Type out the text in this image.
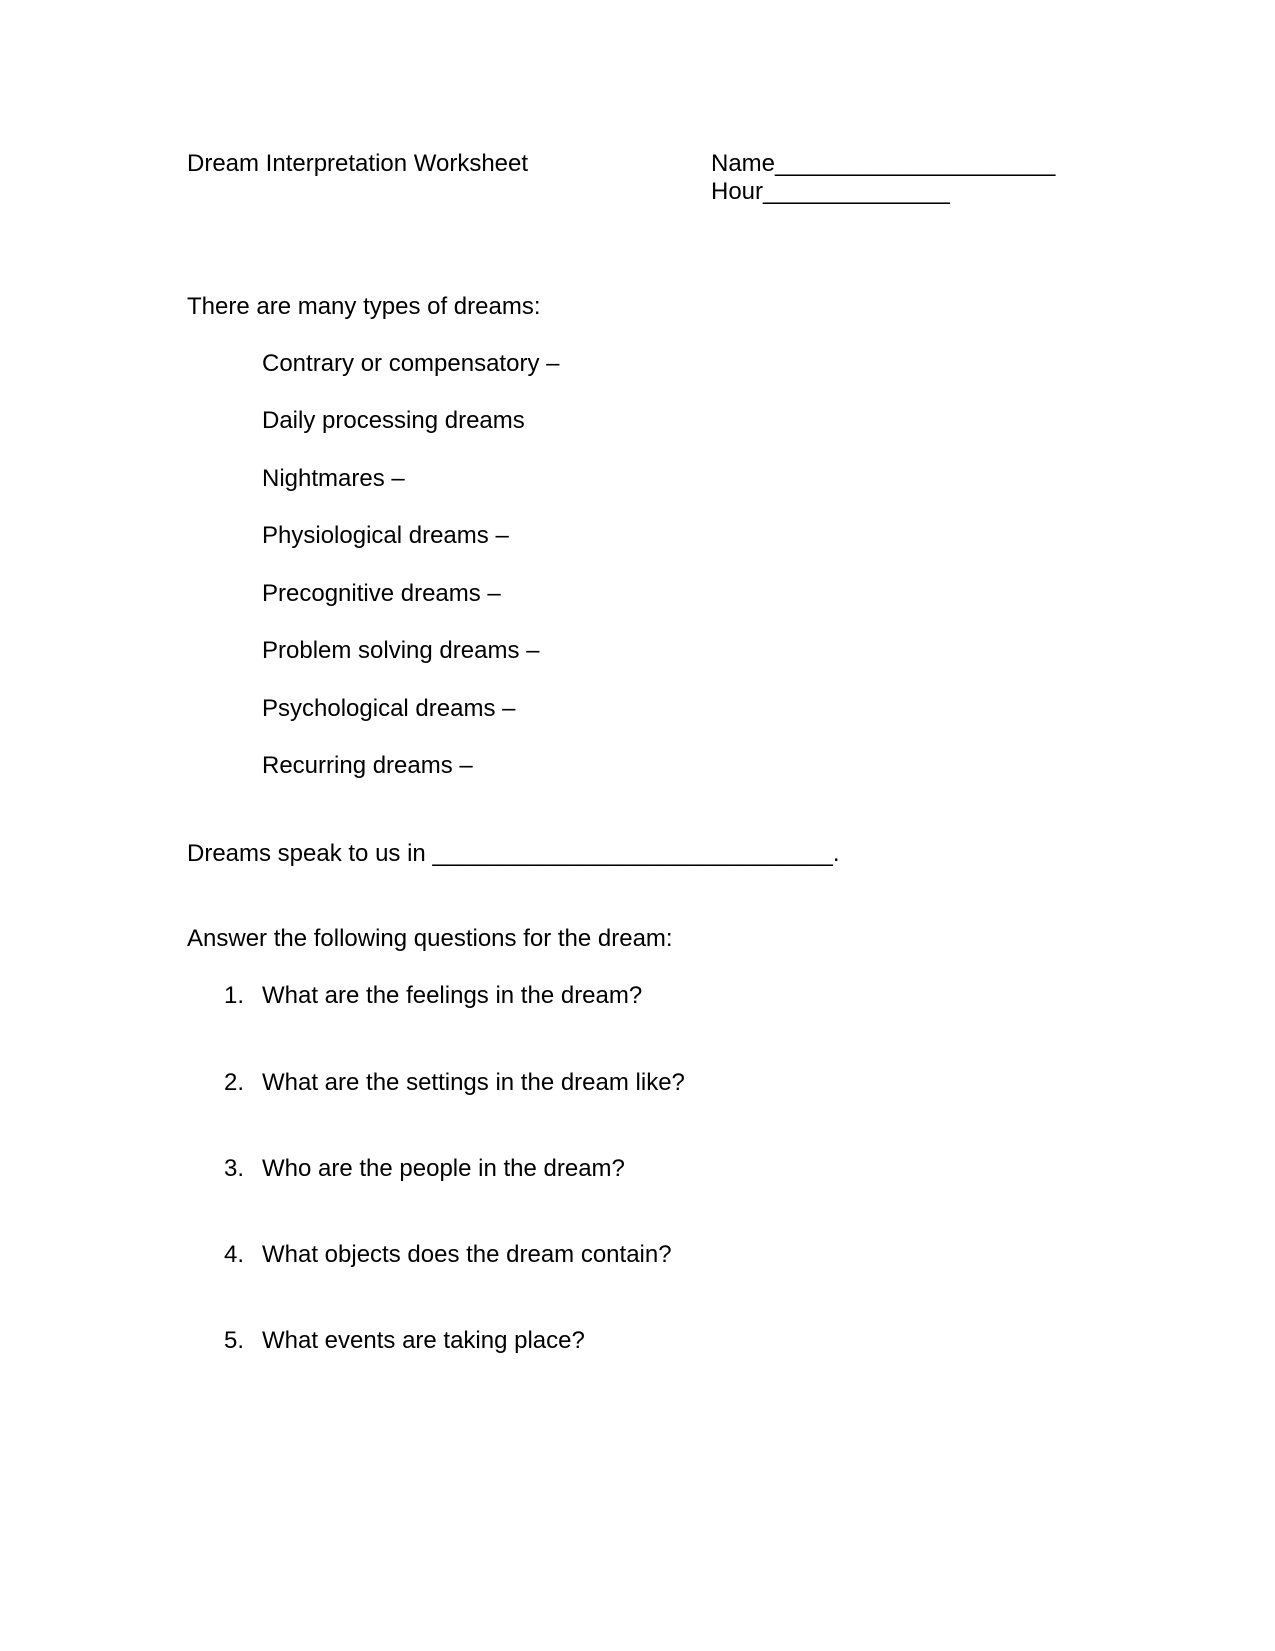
Dream Interpretation Worksheet	Name_____________________
Hour______________
There are many types of dreams:
Contrary or compensatory –
Daily processing dreams
Nightmares –
Physiological dreams –
Precognitive dreams –
Problem solving dreams –
Psychological dreams –
Recurring dreams –
Dreams speak to us in ______________________________.
Answer the following questions for the dream:
1. What are the feelings in the dream?
2. What are the settings in the dream like?
3. Who are the people in the dream?
4. What objects does the dream contain?
5. What events are taking place?
